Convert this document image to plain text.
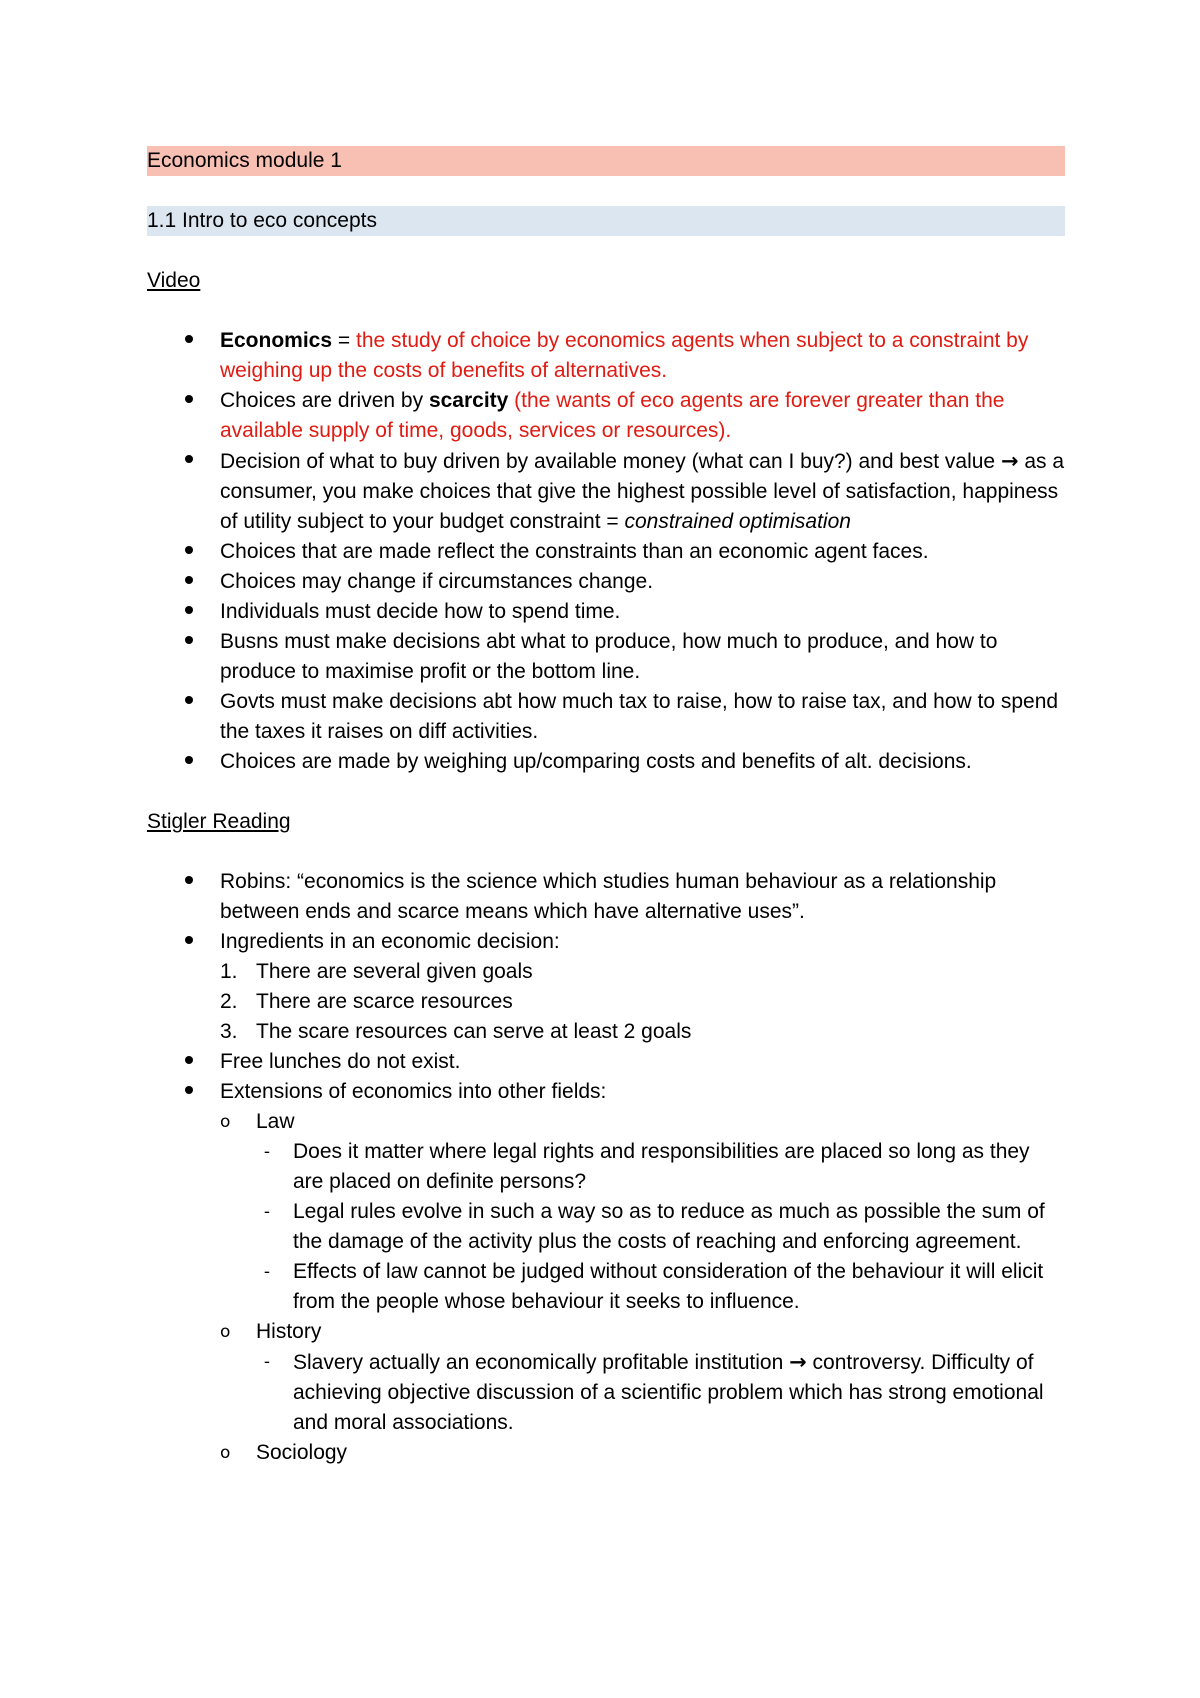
Economics module 1
1.1 Intro to eco concepts
Video
Economics = the study of choice by economics agents when subject to a constraint by weighing up the costs of benefits of alternatives.
Choices are driven by scarcity (the wants of eco agents are forever greater than the available supply of time, goods, services or resources).
Decision of what to buy driven by available money (what can I buy?) and best value → as a consumer, you make choices that give the highest possible level of satisfaction, happiness of utility subject to your budget constraint = constrained optimisation
Choices that are made reflect the constraints than an economic agent faces.
Choices may change if circumstances change.
Individuals must decide how to spend time.
Busns must make decisions abt what to produce, how much to produce, and how to produce to maximise profit or the bottom line.
Govts must make decisions abt how much tax to raise, how to raise tax, and how to spend the taxes it raises on diff activities.
Choices are made by weighing up/comparing costs and benefits of alt. decisions.
Stigler Reading
Robins: “economics is the science which studies human behaviour as a relationship between ends and scarce means which have alternative uses”.
Ingredients in an economic decision:
1. There are several given goals
2. There are scarce resources
3. The scare resources can serve at least 2 goals
Free lunches do not exist.
Extensions of economics into other fields:
o	Law
-	Does it matter where legal rights and responsibilities are placed so long as they are placed on definite persons?
-	Legal rules evolve in such a way so as to reduce as much as possible the sum of the damage of the activity plus the costs of reaching and enforcing agreement.
-	Effects of law cannot be judged without consideration of the behaviour it will elicit from the people whose behaviour it seeks to influence.
o	History
-	Slavery actually an economically profitable institution → controversy. Difficulty of achieving objective discussion of a scientific problem which has strong emotional and moral associations.
o	Sociology
